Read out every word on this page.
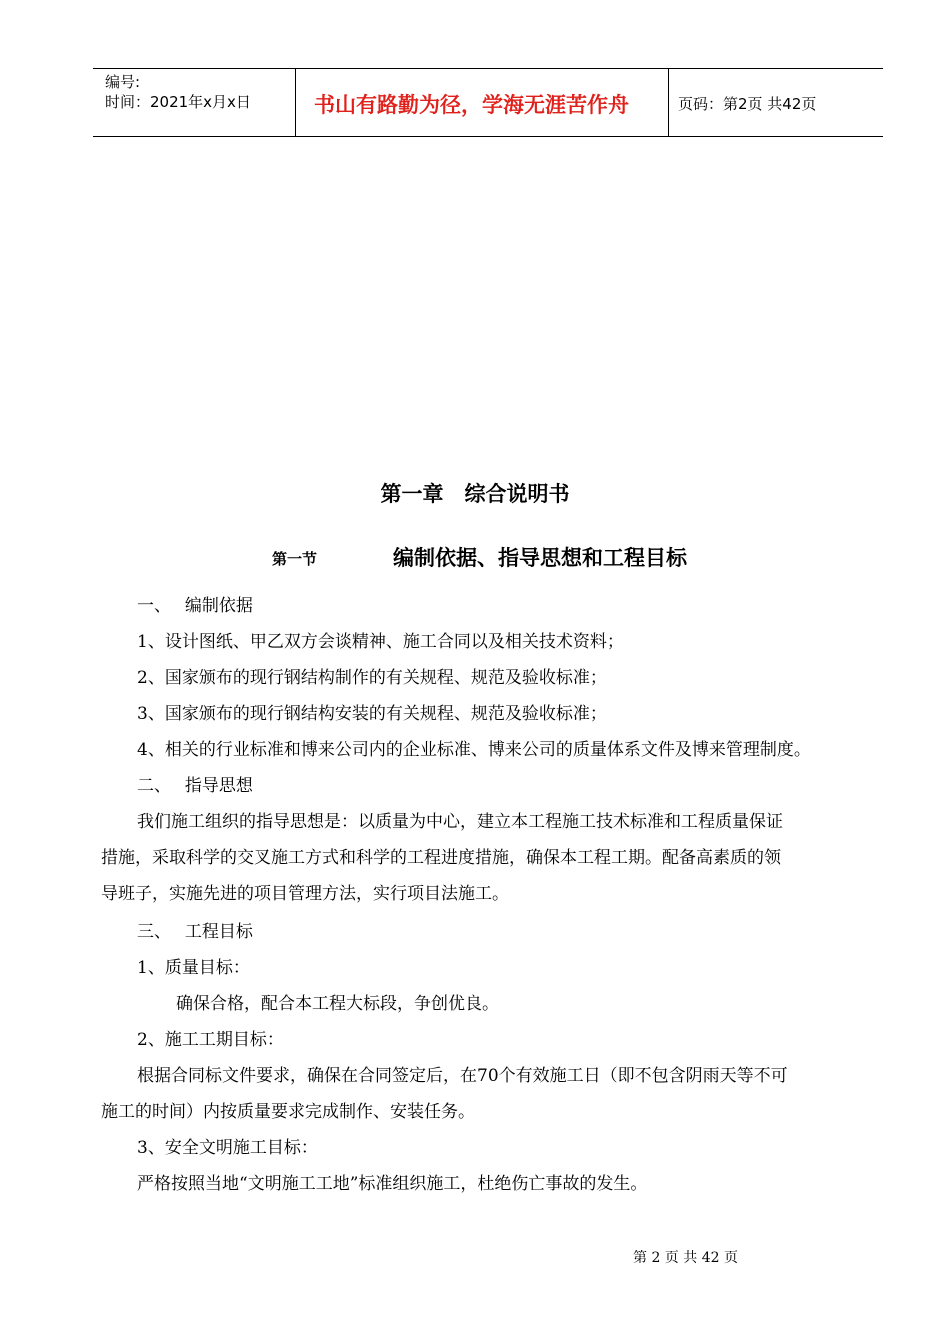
编号:
时间：2021年x月x日	书山有路勤为径，学海无涯苦作舟	页码：第2页 共42页
第一章　综合说明书
第一节	编制依据、指导思想和工程目标
一、　 编制依据
1、设计图纸、甲乙双方会谈精神、施工合同以及相关技术资料；
2、国家颁布的现行钢结构制作的有关规程、规范及验收标准；
3、国家颁布的现行钢结构安装的有关规程、规范及验收标准；
4、相关的行业标准和博来公司内的企业标准、博来公司的质量体系文件及博来管理制度。
二、　 指导思想
我们施工组织的指导思想是：以质量为中心，建立本工程施工技术标准和工程质量保证
措施，采取科学的交叉施工方式和科学的工程进度措施，确保本工程工期。配备高素质的领
导班子，实施先进的项目管理方法，实行项目法施工。
三、　 工程目标
1、质量目标：
确保合格，配合本工程大标段，争创优良。
2、施工工期目标：
根据合同标文件要求，确保在合同签定后，在70个有效施工日（即不包含阴雨天等不可
施工的时间）内按质量要求完成制作、安装任务。
3、安全文明施工目标：
严格按照当地“文明施工工地”标准组织施工，杜绝伤亡事故的发生。
第 2 页 共 42 页
